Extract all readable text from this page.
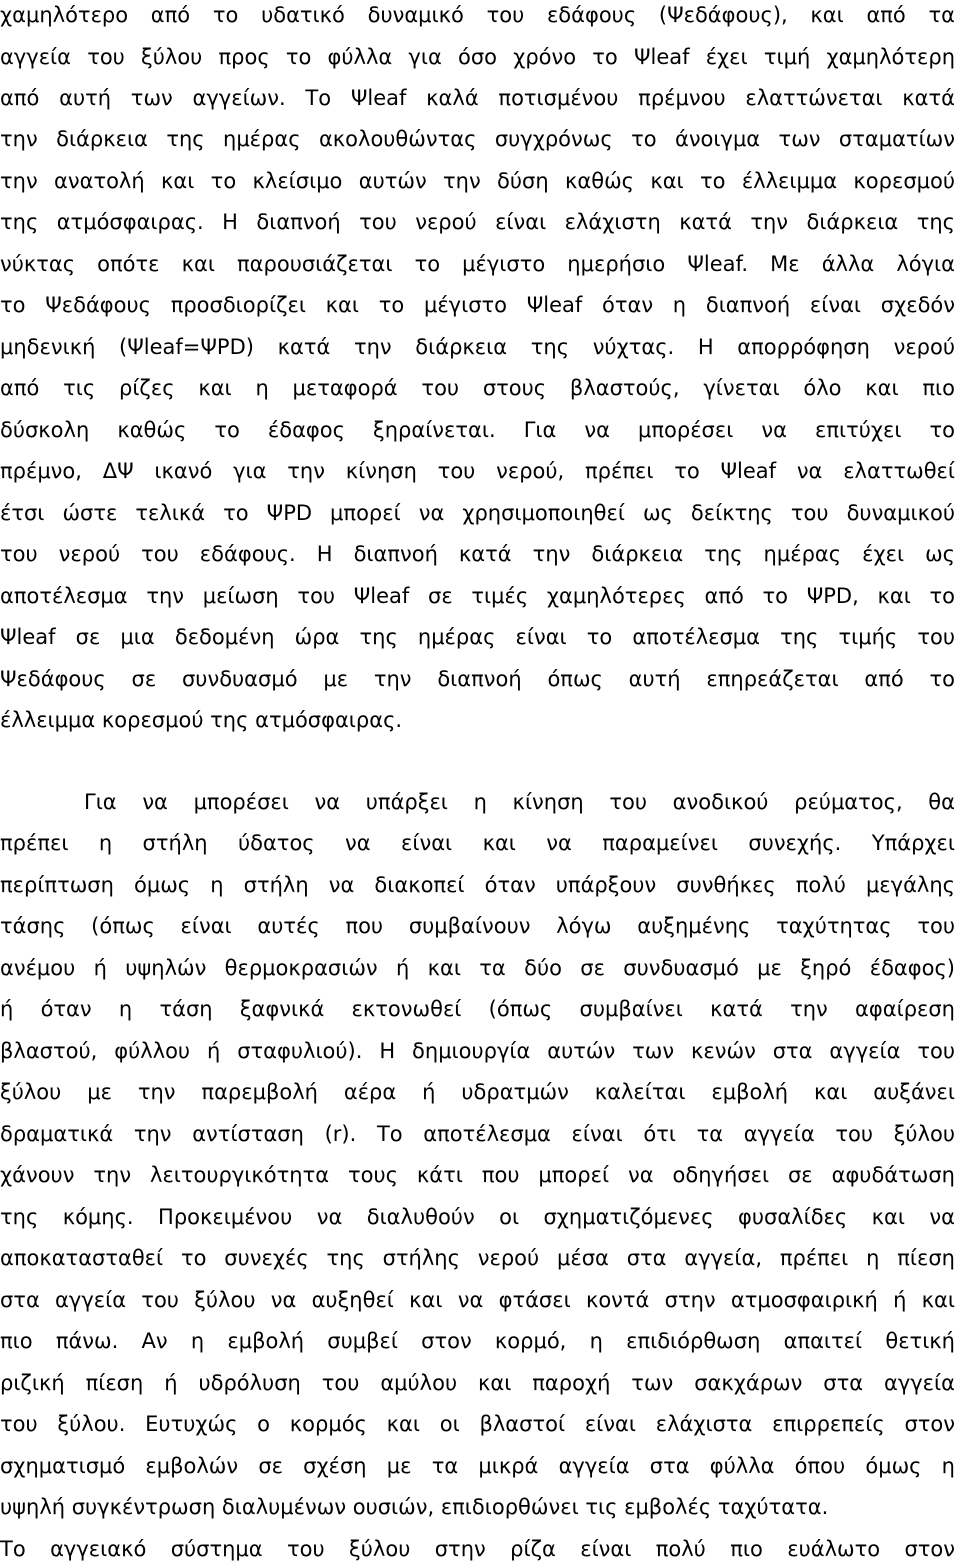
χαμηλότερο από το υδατικό δυναμικό του εδάφους (Ψεδάφους), και από τα
αγγεία του ξύλου προς το φύλλα για όσο χρόνο το Ψleaf έχει τιμή χαμηλότερη
από αυτή των αγγείων. Το Ψleaf καλά ποτισμένου πρέμνου ελαττώνεται κατά
την διάρκεια της ημέρας ακολουθώντας συγχρόνως το άνοιγμα των σταματίων
την ανατολή και το κλείσιμο αυτών την δύση καθώς και το έλλειμμα κορεσμού
της ατμόσφαιρας. Η διαπνοή του νερού είναι ελάχιστη κατά την διάρκεια της
νύκτας οπότε και παρουσιάζεται το μέγιστο ημερήσιο Ψleaf. Με άλλα λόγια
το Ψεδάφους προσδιορίζει και το μέγιστο Ψleaf όταν η διαπνοή είναι σχεδόν
μηδενική (Ψleaf=ΨPD) κατά την διάρκεια της νύχτας. Η απορρόφηση νερού
από τις ρίζες και η μεταφορά του στους βλαστούς, γίνεται όλο και πιο
δύσκολη καθώς το έδαφος ξηραίνεται. Για να μπορέσει να επιτύχει το
πρέμνο, ΔΨ ικανό για την κίνηση του νερού, πρέπει το Ψleaf να ελαττωθεί
έτσι ώστε τελικά το ΨPD μπορεί να χρησιμοποιηθεί ως δείκτης του δυναμικού
του νερού του εδάφους. Η διαπνοή κατά την διάρκεια της ημέρας έχει ως
αποτέλεσμα την μείωση του Ψleaf σε τιμές χαμηλότερες από το ΨPD, και το
Ψleaf σε μια δεδομένη ώρα της ημέρας είναι το αποτέλεσμα της τιμής του
Ψεδάφους σε συνδυασμό με την διαπνοή όπως αυτή επηρεάζεται από το
έλλειμμα κορεσμού της ατμόσφαιρας.
Για να μπορέσει να υπάρξει η κίνηση του ανοδικού ρεύματος, θα
πρέπει η στήλη ύδατος να είναι και να παραμείνει συνεχής. Υπάρχει
περίπτωση όμως η στήλη να διακοπεί όταν υπάρξουν συνθήκες πολύ μεγάλης
τάσης (όπως είναι αυτές που συμβαίνουν λόγω αυξημένης ταχύτητας του
ανέμου ή υψηλών θερμοκρασιών ή και τα δύο σε συνδυασμό με ξηρό έδαφος)
ή όταν η τάση ξαφνικά εκτονωθεί (όπως συμβαίνει κατά την αφαίρεση
βλαστού, φύλλου ή σταφυλιού). Η δημιουργία αυτών των κενών στα αγγεία του
ξύλου με την παρεμβολή αέρα ή υδρατμών καλείται εμβολή και αυξάνει
δραματικά την αντίσταση (r). Το αποτέλεσμα είναι ότι τα αγγεία του ξύλου
χάνουν την λειτουργικότητα τους κάτι που μπορεί να οδηγήσει σε αφυδάτωση
της κόμης. Προκειμένου να διαλυθούν οι σχηματιζόμενες φυσαλίδες και να
αποκατασταθεί το συνεχές της στήλης νερού μέσα στα αγγεία, πρέπει η πίεση
στα αγγεία του ξύλου να αυξηθεί και να φτάσει κοντά στην ατμοσφαιρική ή και
πιο πάνω. Αν η εμβολή συμβεί στον κορμό, η επιδιόρθωση απαιτεί θετική
ριζική πίεση ή υδρόλυση του αμύλου και παροχή των σακχάρων στα αγγεία
του ξύλου. Ευτυχώς ο κορμός και οι βλαστοί είναι ελάχιστα επιρρεπείς στον
σχηματισμό εμβολών σε σχέση με τα μικρά αγγεία στα φύλλα όπου όμως η
υψηλή συγκέντρωση διαλυμένων ουσιών, επιδιορθώνει τις εμβολές ταχύτατα.
Το αγγειακό σύστημα του ξύλου στην ρίζα είναι πολύ πιο ευάλωτο στον
